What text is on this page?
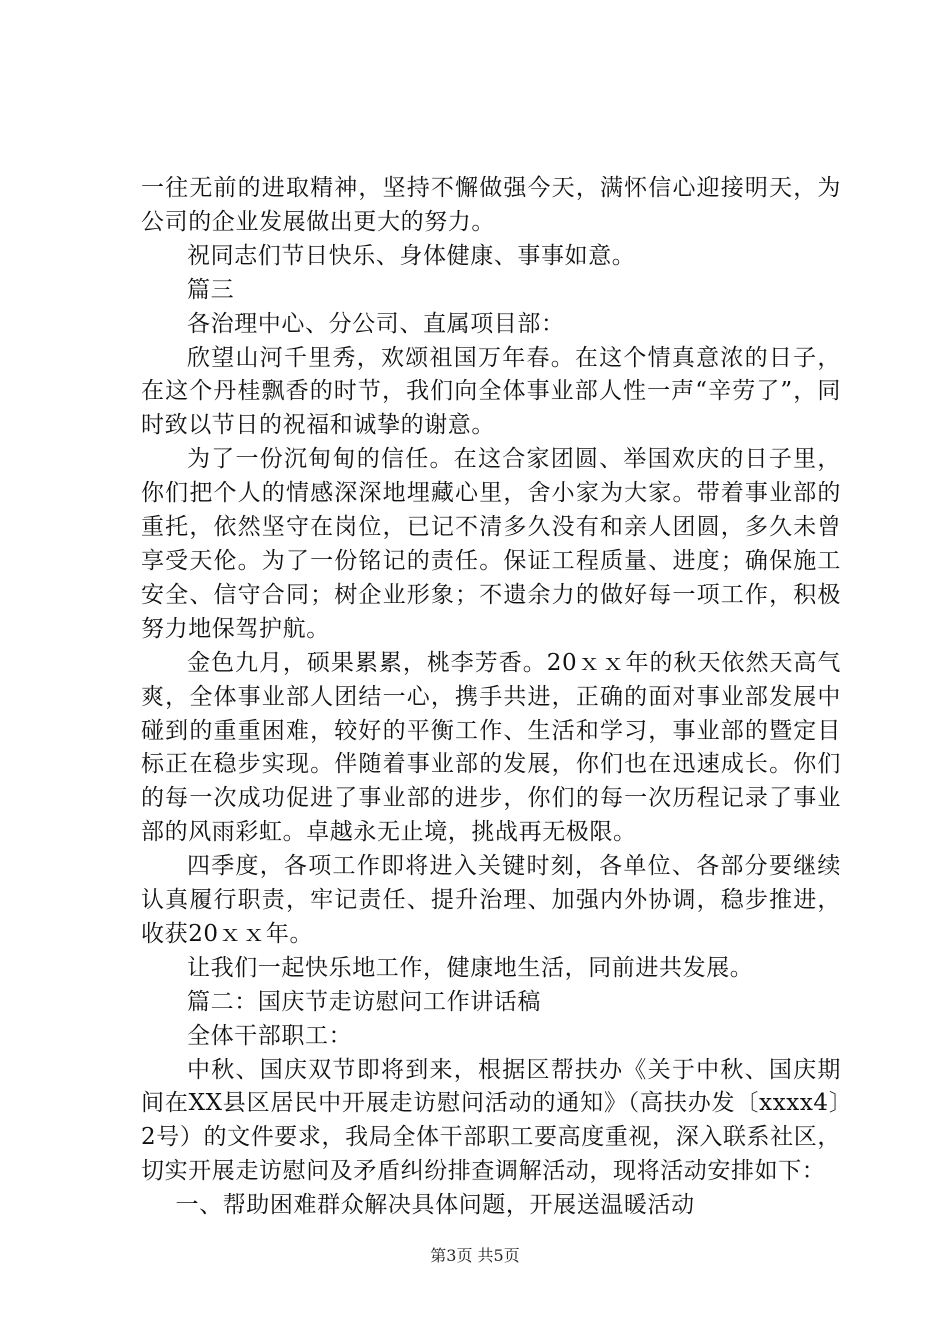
一往无前的进取精神，坚持不懈做强今天，满怀信心迎接明天，为公司的企业发展做出更大的努力。

祝同志们节日快乐、身体健康、事事如意。

篇三

各治理中心、分公司、直属项目部：

欣望山河千里秀，欢颂祖国万年春。在这个情真意浓的日子，在这个丹桂飘香的时节，我们向全体事业部人性一声“辛劳了”，同时致以节日的祝福和诚挚的谢意。

为了一份沉甸甸的信任。在这合家团圆、举国欢庆的日子里，你们把个人的情感深深地埋藏心里，舍小家为大家。带着事业部的重托，依然坚守在岗位，已记不清多久没有和亲人团圆，多久未曾享受天伦。为了一份铭记的责任。保证工程质量、进度；确保施工安全、信守合同；树企业形象；不遗余力的做好每一项工作，积极努力地保驾护航。

金色九月，硕果累累，桃李芳香。20ｘｘ年的秋天依然天高气爽，全体事业部人团结一心，携手共进，正确的面对事业部发展中碰到的重重困难，较好的平衡工作、生活和学习，事业部的暨定目标正在稳步实现。伴随着事业部的发展，你们也在迅速成长。你们的每一次成功促进了事业部的进步，你们的每一次历程记录了事业部的风雨彩虹。卓越永无止境，挑战再无极限。

四季度，各项工作即将进入关键时刻，各单位、各部分要继续认真履行职责，牢记责任、提升治理、加强内外协调，稳步推进，收获20ｘｘ年。

让我们一起快乐地工作，健康地生活，同前进共发展。

篇二：国庆节走访慰问工作讲话稿

全体干部职工：

中秋、国庆双节即将到来，根据区帮扶办《关于中秋、国庆期间在XX县区居民中开展走访慰问活动的通知》（高扶办发〔xxxx4〕2号）的文件要求，我局全体干部职工要高度重视，深入联系社区，切实开展走访慰问及矛盾纠纷排查调解活动，现将活动安排如下：

一、帮助困难群众解决具体问题，开展送温暖活动

第3页 共5页
